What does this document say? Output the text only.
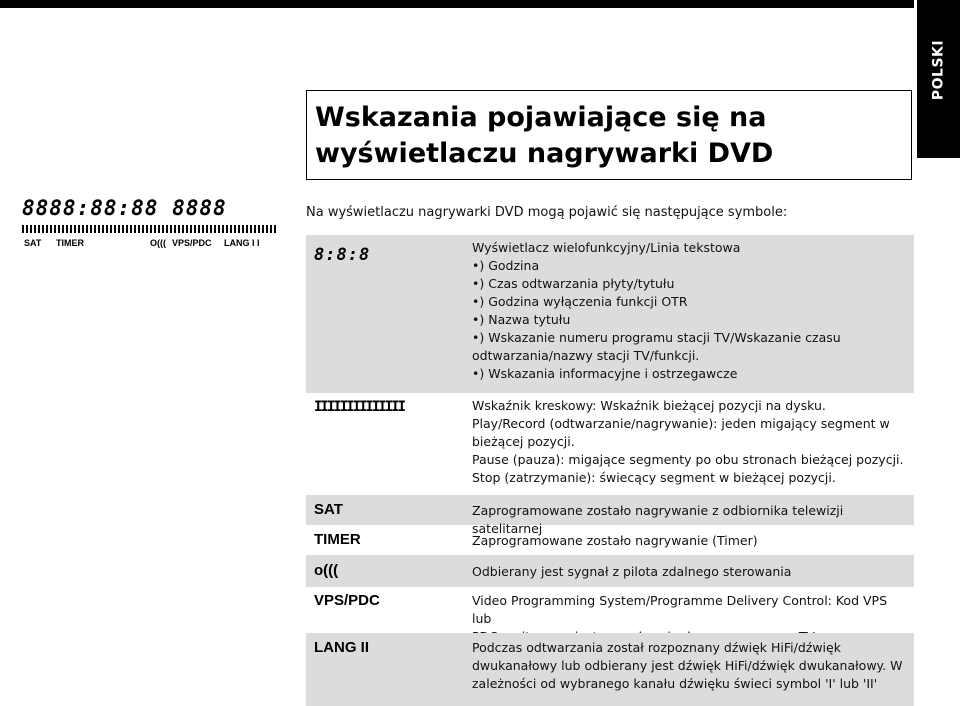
POLSKI
Wskazania pojawiające się na wyświetlaczu nagrywarki DVD
8888:88:88 8888
SAT TIMER	O((( VPS/PDC LANG I I
Na wyświetlaczu nagrywarki DVD mogą pojawić się następujące symbole:
8:8:8	Wyświetlacz wielofunkcyjny/Linia tekstowa
•) Godzina
•) Czas odtwarzania płyty/tytułu
•) Godzina wyłączenia funkcji OTR
•) Nazwa tytułu
•) Wskazanie numeru programu stacji TV/Wskazanie czasu
odtwarzania/nazwy stacji TV/funkcji.
•) Wskazania informacyjne i ostrzegawcze
IIIIIIIIIIIIII	Wskaźnik kreskowy: Wskaźnik bieżącej pozycji na dysku.
Play/Record (odtwarzanie/nagrywanie): jeden migający segment w
bieżącej pozycji.
Pause (pauza): migające segmenty po obu stronach bieżącej pozycji.
Stop (zatrzymanie): świecący segment w bieżącej pozycji.
SAT	Zaprogramowane zostało nagrywanie z odbiornika telewizji satelitarnej
TIMER	Zaprogramowane zostało nagrywanie (Timer)
o(((	Odbierany jest sygnał z pilota zdalnego sterowania
VPS/PDC	Video Programming System/Programme Delivery Control: Kod VPS lub
LANG II	Podczas odtwarzania został rozpoznany dźwięk HiFi/dźwięk
dwukanałowy lub odbierany jest dźwięk HiFi/dźwięk dwukanałowy. W
zależności od wybranego kanału dźwięku świeci symbol 'I' lub 'II'
